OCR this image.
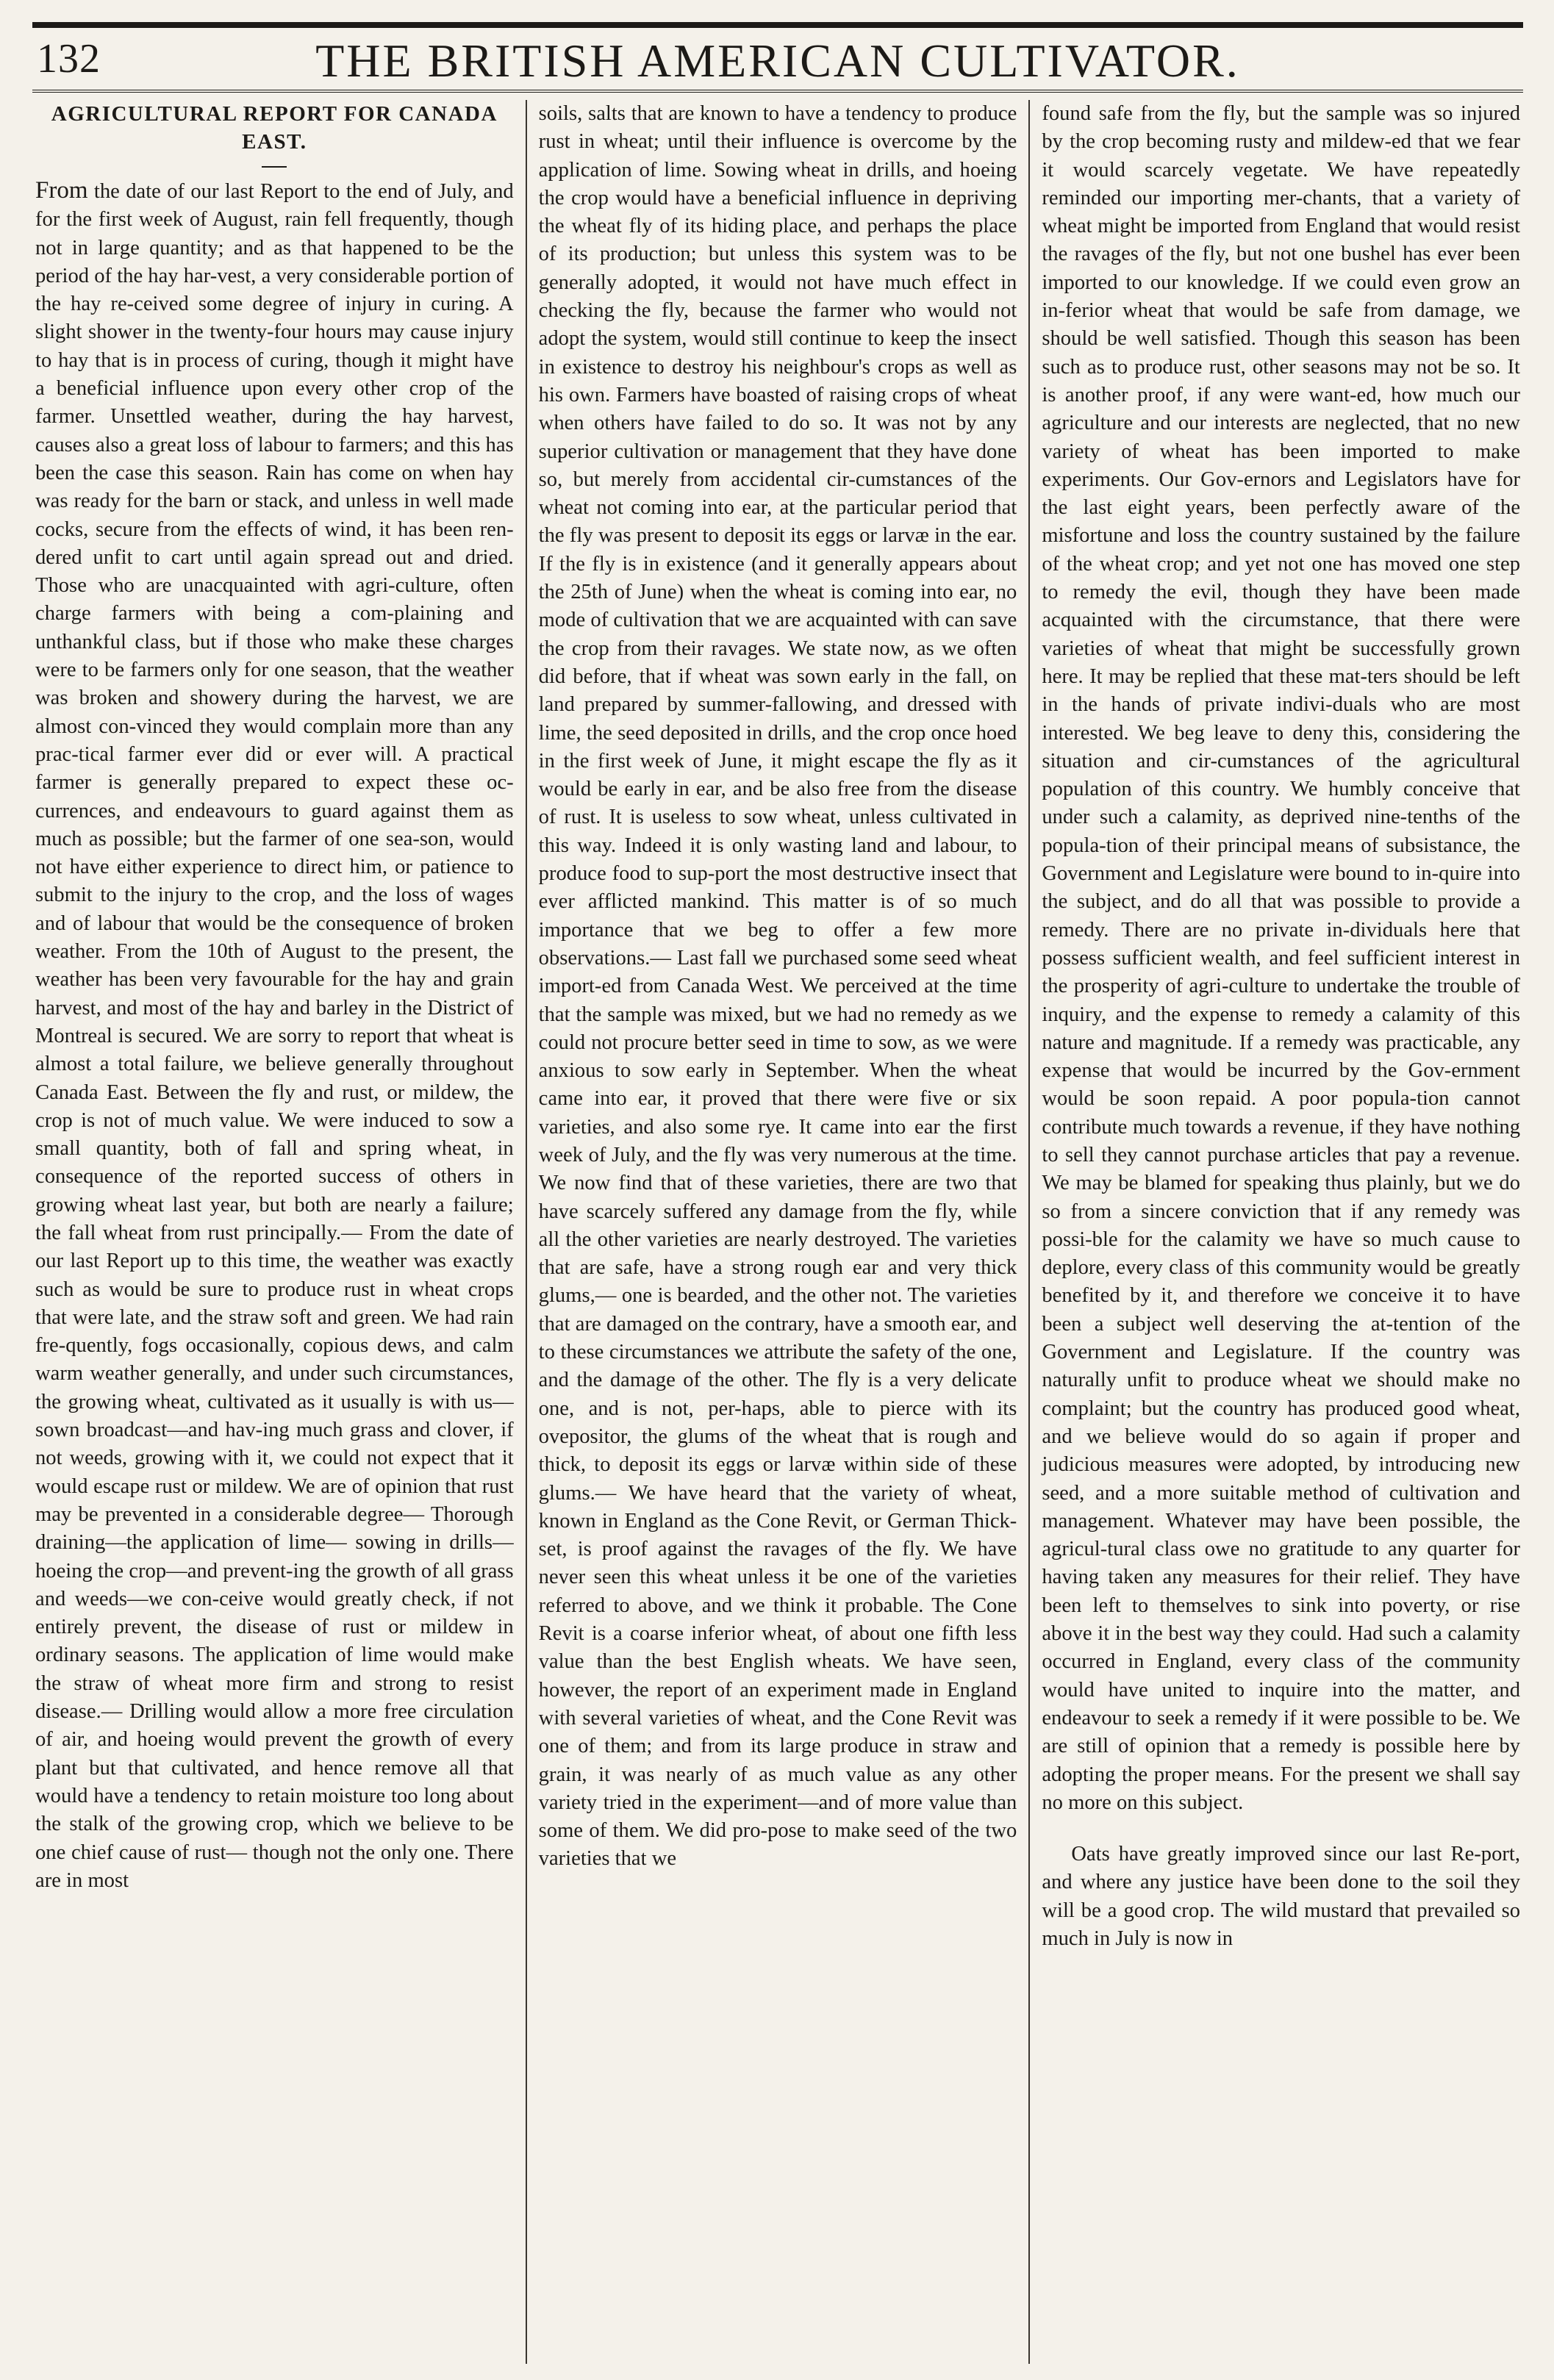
132	THE BRITISH AMERICAN CULTIVATOR.
AGRICULTURAL REPORT FOR CANADA EAST.

From the date of our last Report to the end of July, and for the first week of August, rain fell frequently, though not in large quantity; and as that happened to be the period of the hay har-vest, a very considerable portion of the hay re-ceived some degree of injury in curing. A slight shower in the twenty-four hours may cause injury to hay that is in process of curing, though it might have a beneficial influence upon every other crop of the farmer. Unsettled weather, during the hay harvest, causes also a great loss of labour to farmers; and this has been the case this season. Rain has come on when hay was ready for the barn or stack, and unless in well made cocks, secure from the effects of wind, it has been ren-dered unfit to cart until again spread out and dried. Those who are unacquainted with agri-culture, often charge farmers with being a com-plaining and unthankful class, but if those who make these charges were to be farmers only for one season, that the weather was broken and showery during the harvest, we are almost con-vinced they would complain more than any prac-tical farmer ever did or ever will. A practical farmer is generally prepared to expect these oc-currences, and endeavours to guard against them as much as possible; but the farmer of one sea-son, would not have either experience to direct him, or patience to submit to the injury to the crop, and the loss of wages and of labour that would be the consequence of broken weather. From the 10th of August to the present, the weather has been very favourable for the hay and grain harvest, and most of the hay and barley in the District of Montreal is secured. We are sorry to report that wheat is almost a total failure, we believe generally throughout Canada East. Between the fly and rust, or mildew, the crop is not of much value. We were induced to sow a small quantity, both of fall and spring wheat, in consequence of the reported success of others in growing wheat last year, but both are nearly a failure; the fall wheat from rust principally.— From the date of our last Report up to this time, the weather was exactly such as would be sure to produce rust in wheat crops that were late, and the straw soft and green. We had rain fre-quently, fogs occasionally, copious dews, and calm warm weather generally, and under such circumstances, the growing wheat, cultivated as it usually is with us—sown broadcast—and hav-ing much grass and clover, if not weeds, growing with it, we could not expect that it would escape rust or mildew. We are of opinion that rust may be prevented in a considerable degree— Thorough draining—the application of lime— sowing in drills—hoeing the crop—and prevent-ing the growth of all grass and weeds—we con-ceive would greatly check, if not entirely prevent, the disease of rust or mildew in ordinary seasons. The application of lime would make the straw of wheat more firm and strong to resist disease.— Drilling would allow a more free circulation of air, and hoeing would prevent the growth of every plant but that cultivated, and hence remove all that would have a tendency to retain moisture too long about the stalk of the growing crop, which we believe to be one chief cause of rust— though not the only one. There are in most

soils, salts that are known to have a tendency to produce rust in wheat; until their influence is overcome by the application of lime. Sowing wheat in drills, and hoeing the crop would have a beneficial influence in depriving the wheat fly of its hiding place, and perhaps the place of its production; but unless this system was to be generally adopted, it would not have much effect in checking the fly, because the farmer who would not adopt the system, would still continue to keep the insect in existence to destroy his neighbour's crops as well as his own. Farmers have boasted of raising crops of wheat when others have failed to do so. It was not by any superior cultivation or management that they have done so, but merely from accidental cir-cumstances of the wheat not coming into ear, at the particular period that the fly was present to deposit its eggs or larvæ in the ear. If the fly is in existence (and it generally appears about the 25th of June) when the wheat is coming into ear, no mode of cultivation that we are acquainted with can save the crop from their ravages. We state now, as we often did before, that if wheat was sown early in the fall, on land prepared by summer-fallowing, and dressed with lime, the seed deposited in drills, and the crop once hoed in the first week of June, it might escape the fly as it would be early in ear, and be also free from the disease of rust. It is useless to sow wheat, unless cultivated in this way. Indeed it is only wasting land and labour, to produce food to sup-port the most destructive insect that ever afflicted mankind. This matter is of so much importance that we beg to offer a few more observations.— Last fall we purchased some seed wheat import-ed from Canada West. We perceived at the time that the sample was mixed, but we had no remedy as we could not procure better seed in time to sow, as we were anxious to sow early in September. When the wheat came into ear, it proved that there were five or six varieties, and also some rye. It came into ear the first week of July, and the fly was very numerous at the time. We now find that of these varieties, there are two that have scarcely suffered any damage from the fly, while all the other varieties are nearly destroyed. The varieties that are safe, have a strong rough ear and very thick glums,— one is bearded, and the other not. The varieties that are damaged on the contrary, have a smooth ear, and to these circumstances we attribute the safety of the one, and the damage of the other. The fly is a very delicate one, and is not, per-haps, able to pierce with its ovepositor, the glums of the wheat that is rough and thick, to deposit its eggs or larvæ within side of these glums.— We have heard that the variety of wheat, known in England as the Cone Revit, or German Thick-set, is proof against the ravages of the fly. We have never seen this wheat unless it be one of the varieties referred to above, and we think it probable. The Cone Revit is a coarse inferior wheat, of about one fifth less value than the best English wheats. We have seen, however, the report of an experiment made in England with several varieties of wheat, and the Cone Revit was one of them; and from its large produce in straw and grain, it was nearly of as much value as any other variety tried in the experiment—and of more value than some of them. We did pro-pose to make seed of the two varieties that we

found safe from the fly, but the sample was so injured by the crop becoming rusty and mildew-ed that we fear it would scarcely vegetate. We have repeatedly reminded our importing mer-chants, that a variety of wheat might be imported from England that would resist the ravages of the fly, but not one bushel has ever been imported to our knowledge. If we could even grow an in-ferior wheat that would be safe from damage, we should be well satisfied. Though this season has been such as to produce rust, other seasons may not be so. It is another proof, if any were want-ed, how much our agriculture and our interests are neglected, that no new variety of wheat has been imported to make experiments. Our Gov-ernors and Legislators have for the last eight years, been perfectly aware of the misfortune and loss the country sustained by the failure of the wheat crop; and yet not one has moved one step to remedy the evil, though they have been made acquainted with the circumstance, that there were varieties of wheat that might be successfully grown here. It may be replied that these mat-ters should be left in the hands of private indivi-duals who are most interested. We beg leave to deny this, considering the situation and cir-cumstances of the agricultural population of this country. We humbly conceive that under such a calamity, as deprived nine-tenths of the popula-tion of their principal means of subsistance, the Government and Legislature were bound to in-quire into the subject, and do all that was possible to provide a remedy. There are no private in-dividuals here that possess sufficient wealth, and feel sufficient interest in the prosperity of agri-culture to undertake the trouble of inquiry, and the expense to remedy a calamity of this nature and magnitude. If a remedy was practicable, any expense that would be incurred by the Gov-ernment would be soon repaid. A poor popula-tion cannot contribute much towards a revenue, if they have nothing to sell they cannot purchase articles that pay a revenue. We may be blamed for speaking thus plainly, but we do so from a sincere conviction that if any remedy was possi-ble for the calamity we have so much cause to deplore, every class of this community would be greatly benefited by it, and therefore we conceive it to have been a subject well deserving the at-tention of the Government and Legislature. If the country was naturally unfit to produce wheat we should make no complaint; but the country has produced good wheat, and we believe would do so again if proper and judicious measures were adopted, by introducing new seed, and a more suitable method of cultivation and management. Whatever may have been possible, the agricul-tural class owe no gratitude to any quarter for having taken any measures for their relief. They have been left to themselves to sink into poverty, or rise above it in the best way they could. Had such a calamity occurred in England, every class of the community would have united to inquire into the matter, and endeavour to seek a remedy if it were possible to be. We are still of opinion that a remedy is possible here by adopting the proper means. For the present we shall say no more on this subject.

Oats have greatly improved since our last Re-port, and where any justice have been done to the soil they will be a good crop. The wild mustard that prevailed so much in July is now in
